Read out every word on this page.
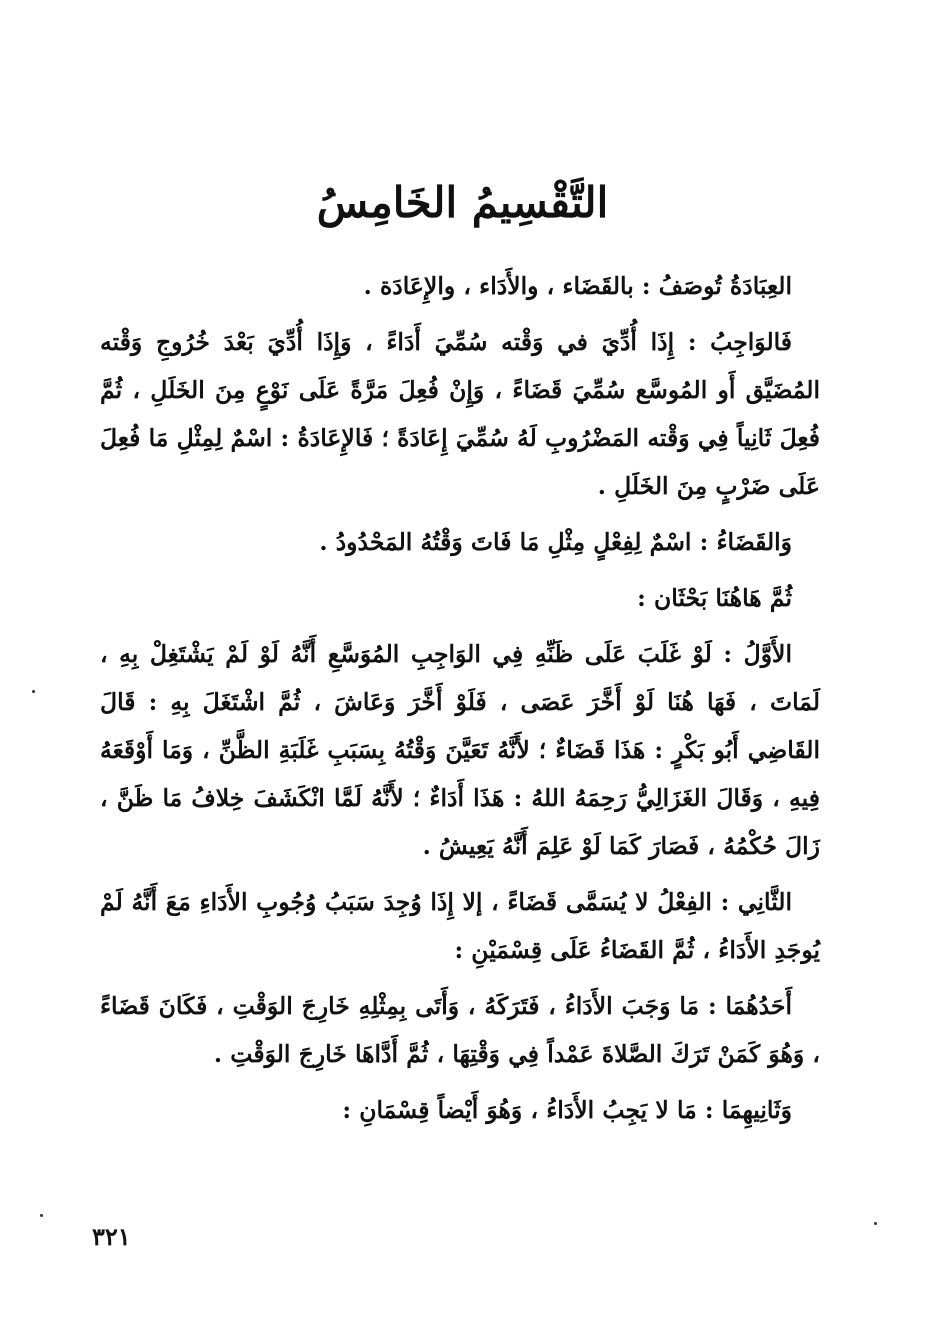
التَّقْسِيمُ الخَامِسُ

العِبَادَةُ تُوصَفُ : بالقَضَاء ، والأَدَاء ، والإِعَادَة .

فَالوَاجِبُ : إِذَا أُدِّيَ في وَقْته سُمِّيَ أَدَاءً ، وَإِذَا أُدِّيَ بَعْدَ خُرُوجِ وَقْته المُضَيَّق أَو المُوسَّع سُمِّيَ قَضَاءً ، وَإِنْ فُعِلَ مَرَّةً عَلَى نَوْعٍ مِنَ الخَلَلِ ، ثُمَّ فُعِلَ ثَانِياً فِي وَقْته المَضْرُوبِ لَهُ سُمِّيَ إِعَادَةً ؛ فَالإِعَادَةُ : اسْمٌ لِمِثْلِ مَا فُعِلَ عَلَى ضَرْبٍ مِنَ الخَلَلِ .

وَالقَضَاءُ : اسْمٌ لِفِعْلٍ مِثْلِ مَا فَاتَ وَقْتُهُ المَحْدُودُ .

ثُمَّ هَاهُنَا بَحْثَان :

الأَوَّلُ : لَوْ غَلَبَ عَلَى ظَنِّهِ فِي الوَاجِبِ المُوَسَّعِ أَنَّهُ لَوْ لَمْ يَشْتَغِلْ بِهِ ، لَمَاتَ ، فَهَا هُنَا لَوْ أَخَّرَ عَصَى ، فَلَوْ أَخَّرَ وَعَاشَ ، ثُمَّ اشْتَغَلَ بِهِ : قَالَ القَاضِي أَبُو بَكْرٍ : هَذَا قَضَاءٌ ؛ لأَنَّهُ تَعَيَّنَ وَقْتُهُ بِسَبَبِ غَلَبَةِ الظَّنِّ ، وَمَا أَوْقَعَهُ فِيهِ ، وَقَالَ الغَزَالِيُّ رَحِمَهُ اللهُ : هَذَا أَدَاءٌ ؛ لأَنَّهُ لَمَّا انْكَشَفَ خِلافُ مَا ظَنَّ ، زَالَ حُكْمُهُ ، فَصَارَ كَمَا لَوْ عَلِمَ أَنَّهُ يَعِيشُ .

الثَّانِي : الفِعْلُ لا يُسَمَّى قَضَاءً ، إلا إِذَا وُجِدَ سَبَبُ وُجُوبِ الأَدَاءِ مَعَ أَنَّهُ لَمْ يُوجَدِ الأَدَاءُ ، ثُمَّ القَضَاءُ عَلَى قِسْمَيْنِ :

أَحَدُهُمَا : مَا وَجَبَ الأَدَاءُ ، فَتَرَكَهُ ، وَأَتَى بِمِثْلِهِ خَارِجَ الوَقْتِ ، فَكَانَ قَضَاءً ، وَهُوَ كَمَنْ تَرَكَ الصَّلاةَ عَمْداً فِي وَقْتِهَا ، ثُمَّ أَدَّاهَا خَارِجَ الوَقْتِ .

وَثَانِيهِمَا : مَا لا يَجِبُ الأَدَاءُ ، وَهُوَ أَيْضاً قِسْمَانِ :

٣٢١
